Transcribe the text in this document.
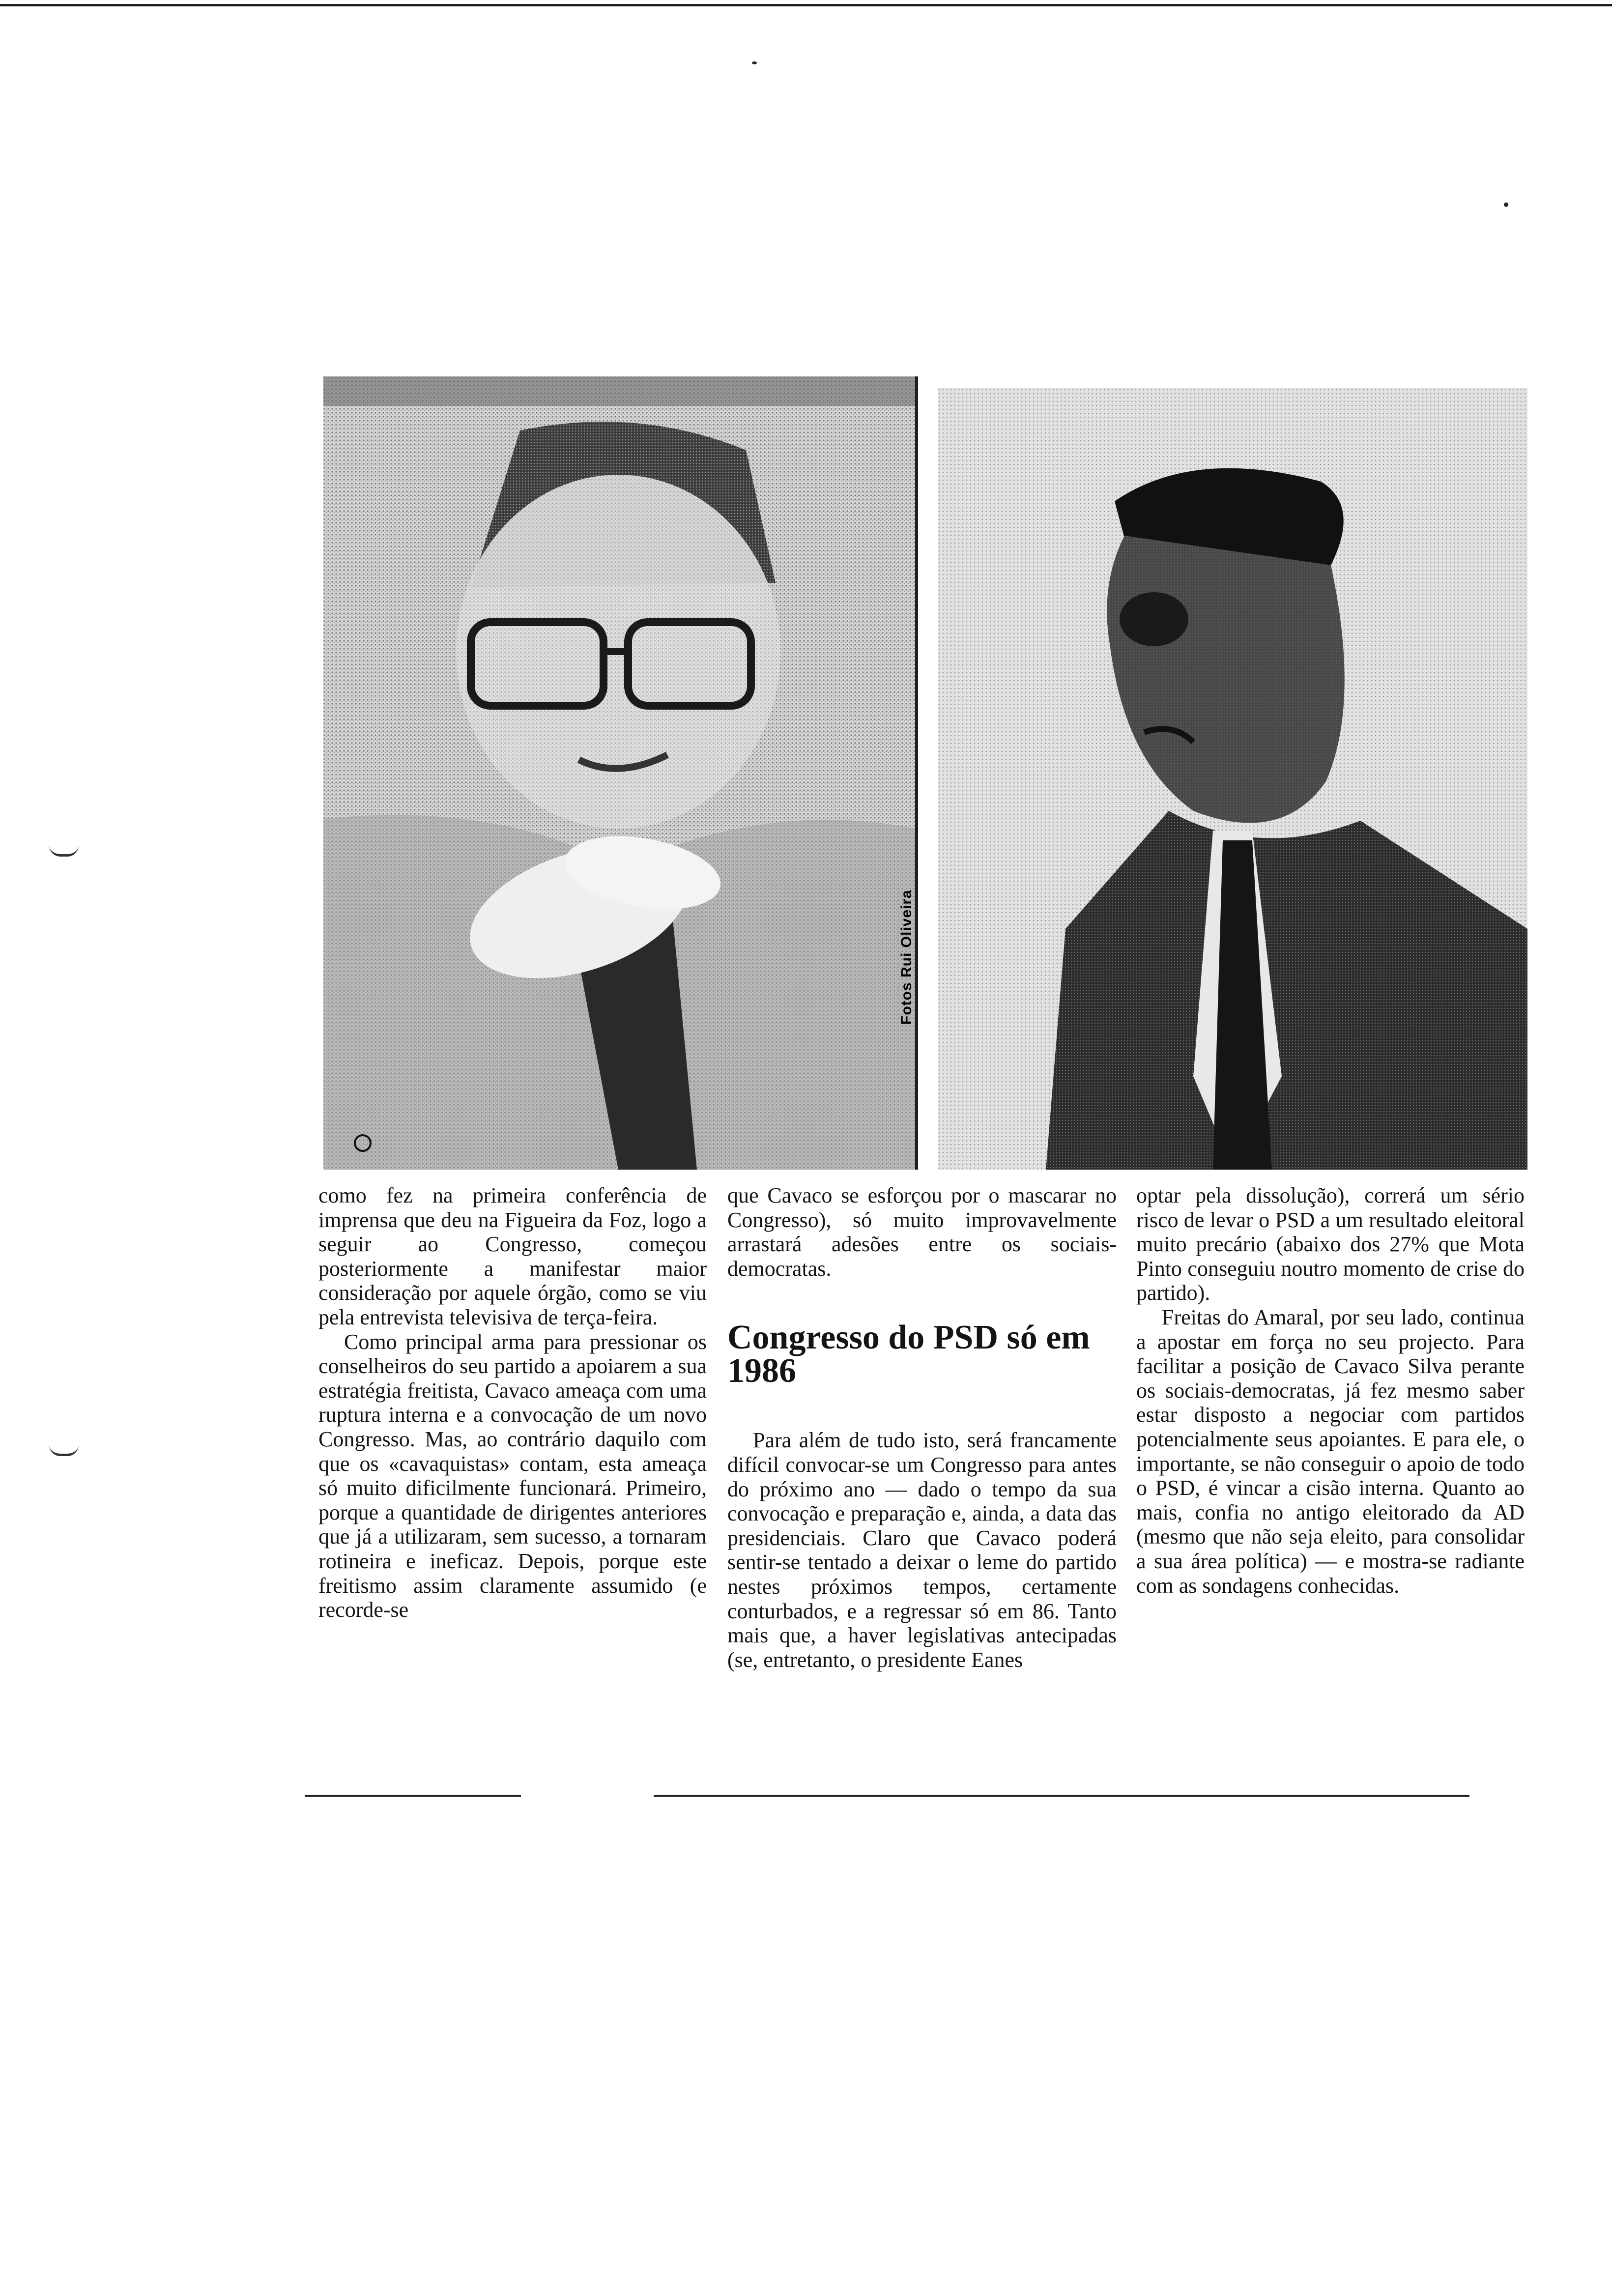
Fotos Rui Oliveira

como fez na primeira conferência de imprensa que deu na Figueira da Foz, logo a seguir ao Congresso, começou posteriormente a manifestar maior consideração por aquele órgão, como se viu pela entrevista televisiva de terça-feira.

Como principal arma para pressionar os conselheiros do seu partido a apoiarem a sua estratégia freitista, Cavaco ameaça com uma ruptura interna e a convocação de um novo Congresso. Mas, ao contrário daquilo com que os «cavaquistas» contam, esta ameaça só muito dificilmente funcionará. Primeiro, porque a quantidade de dirigentes anteriores que já a utilizaram, sem sucesso, a tornaram rotineira e ineficaz. Depois, porque este freitismo assim claramente assumido (e recorde-se

que Cavaco se esforçou por o mascarar no Congresso), só muito improvavelmente arrastará adesões entre os sociais-democratas.

Congresso do PSD só em 1986

Para além de tudo isto, será francamente difícil convocar-se um Congresso para antes do próximo ano — dado o tempo da sua convocação e preparação e, ainda, a data das presidenciais. Claro que Cavaco poderá sentir-se tentado a deixar o leme do partido nestes próximos tempos, certamente conturbados, e a regressar só em 86. Tanto mais que, a haver legislativas antecipadas (se, entretanto, o presidente Eanes

optar pela dissolução), correrá um sério risco de levar o PSD a um resultado eleitoral muito precário (abaixo dos 27% que Mota Pinto conseguiu noutro momento de crise do partido).

Freitas do Amaral, por seu lado, continua a apostar em força no seu projecto. Para facilitar a posição de Cavaco Silva perante os sociais-democratas, já fez mesmo saber estar disposto a negociar com partidos potencialmente seus apoiantes. E para ele, o importante, se não conseguir o apoio de todo o PSD, é vincar a cisão interna. Quanto ao mais, confia no antigo eleitorado da AD (mesmo que não seja eleito, para consolidar a sua área política) — e mostra-se radiante com as sondagens conhecidas.
